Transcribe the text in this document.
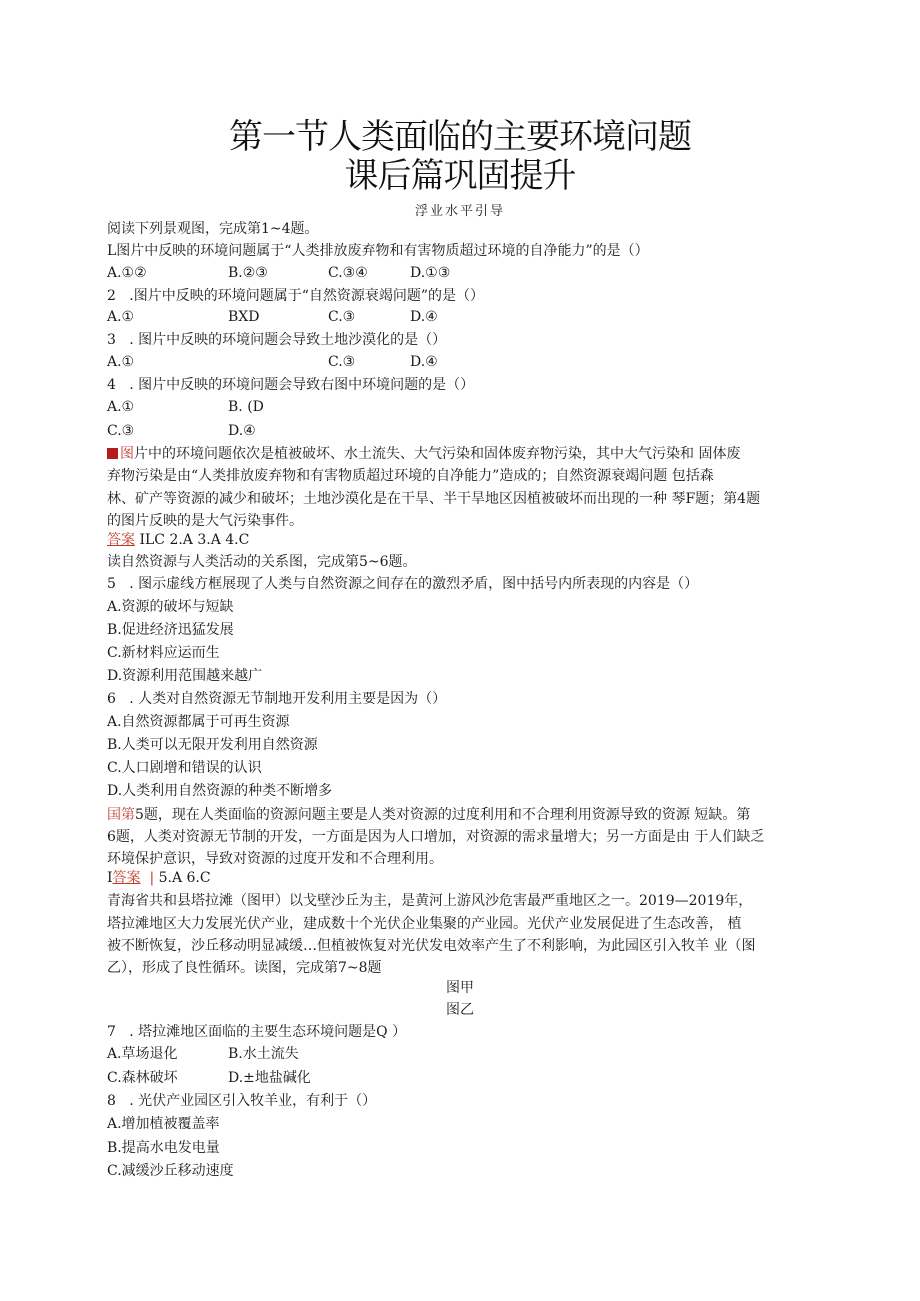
第一节人类面临的主要环境问题
课后篇巩固提升
浮业水平引导
阅读下列景观图，完成第1~4题。
L图片中反映的环境问题属于“人类排放废弃物和有害物质超过环境的自净能力”的是（）
A.①②	B.②③	C.③④	D.①③
2 .图片中反映的环境问题属于“自然资源衰竭问题”的是（）
A.①	BXD	C.③	D.④
3 . 图片中反映的环境问题会导致土地沙漠化的是（）
A.①	C.③	D.④
4 . 图片中反映的环境问题会导致右图中环境问题的是（）
A.①	B. (D
C.③	D.④
图片中的环境问题依次是植被破坏、水土流失、大气污染和固体废弃物污染，其中大气污染和 固体废
弃物污染是由“人类排放废弃物和有害物质超过环境的自净能力”造成的；自然资源衰竭问题 包括森
林、矿产等资源的减少和破坏；土地沙漠化是在干旱、半干旱地区因植被破坏而出现的一种 琴F题；第4题
的图片反映的是大气污染事件。
答案 ILC 2.A 3.A 4.C
读自然资源与人类活动的关系图，完成第5~6题。
5 . 图示虚线方框展现了人类与自然资源之间存在的激烈矛盾，图中括号内所表现的内容是（）
A.资源的破坏与短缺
B.促进经济迅猛发展
C.新材料应运而生
D.资源利用范围越来越广
6 . 人类对自然资源无节制地开发利用主要是因为（）
A.自然资源都属于可再生资源
B.人类可以无限开发利用自然资源
C.人口剧增和错误的认识
D.人类利用自然资源的种类不断增多
国第5题，现在人类面临的资源问题主要是人类对资源的过度利用和不合理利用资源导致的资源 短缺。第
6题，人类对资源无节制的开发，一方面是因为人口增加，对资源的需求量增大；另一方面是由 于人们缺乏
环境保护意识，导致对资源的过度开发和不合理利用。
I答案 | 5.A 6.C
青海省共和县塔拉滩（图甲）以戈壁沙丘为主，是黄河上游风沙危害最严重地区之一。2019—2019年，
塔拉滩地区大力发展光伏产业，建成数十个光伏企业集聚的产业园。光伏产业发展促进了生态改善， 植
被不断恢复，沙丘移动明显减缓…但植被恢复对光伏发电效率产生了不利影响，为此园区引入牧羊 业（图
乙），形成了良性循环。读图，完成第7~8题
图甲
图乙
7 . 塔拉滩地区面临的主要生态环境问题是Q ）
A.草场退化	B.水土流失
C.森林破坏	D.±地盐碱化
8 . 光伏产业园区引入牧羊业，有利于（）
A.增加植被覆盖率
B.提高水电发电量
C.减缓沙丘移动速度
